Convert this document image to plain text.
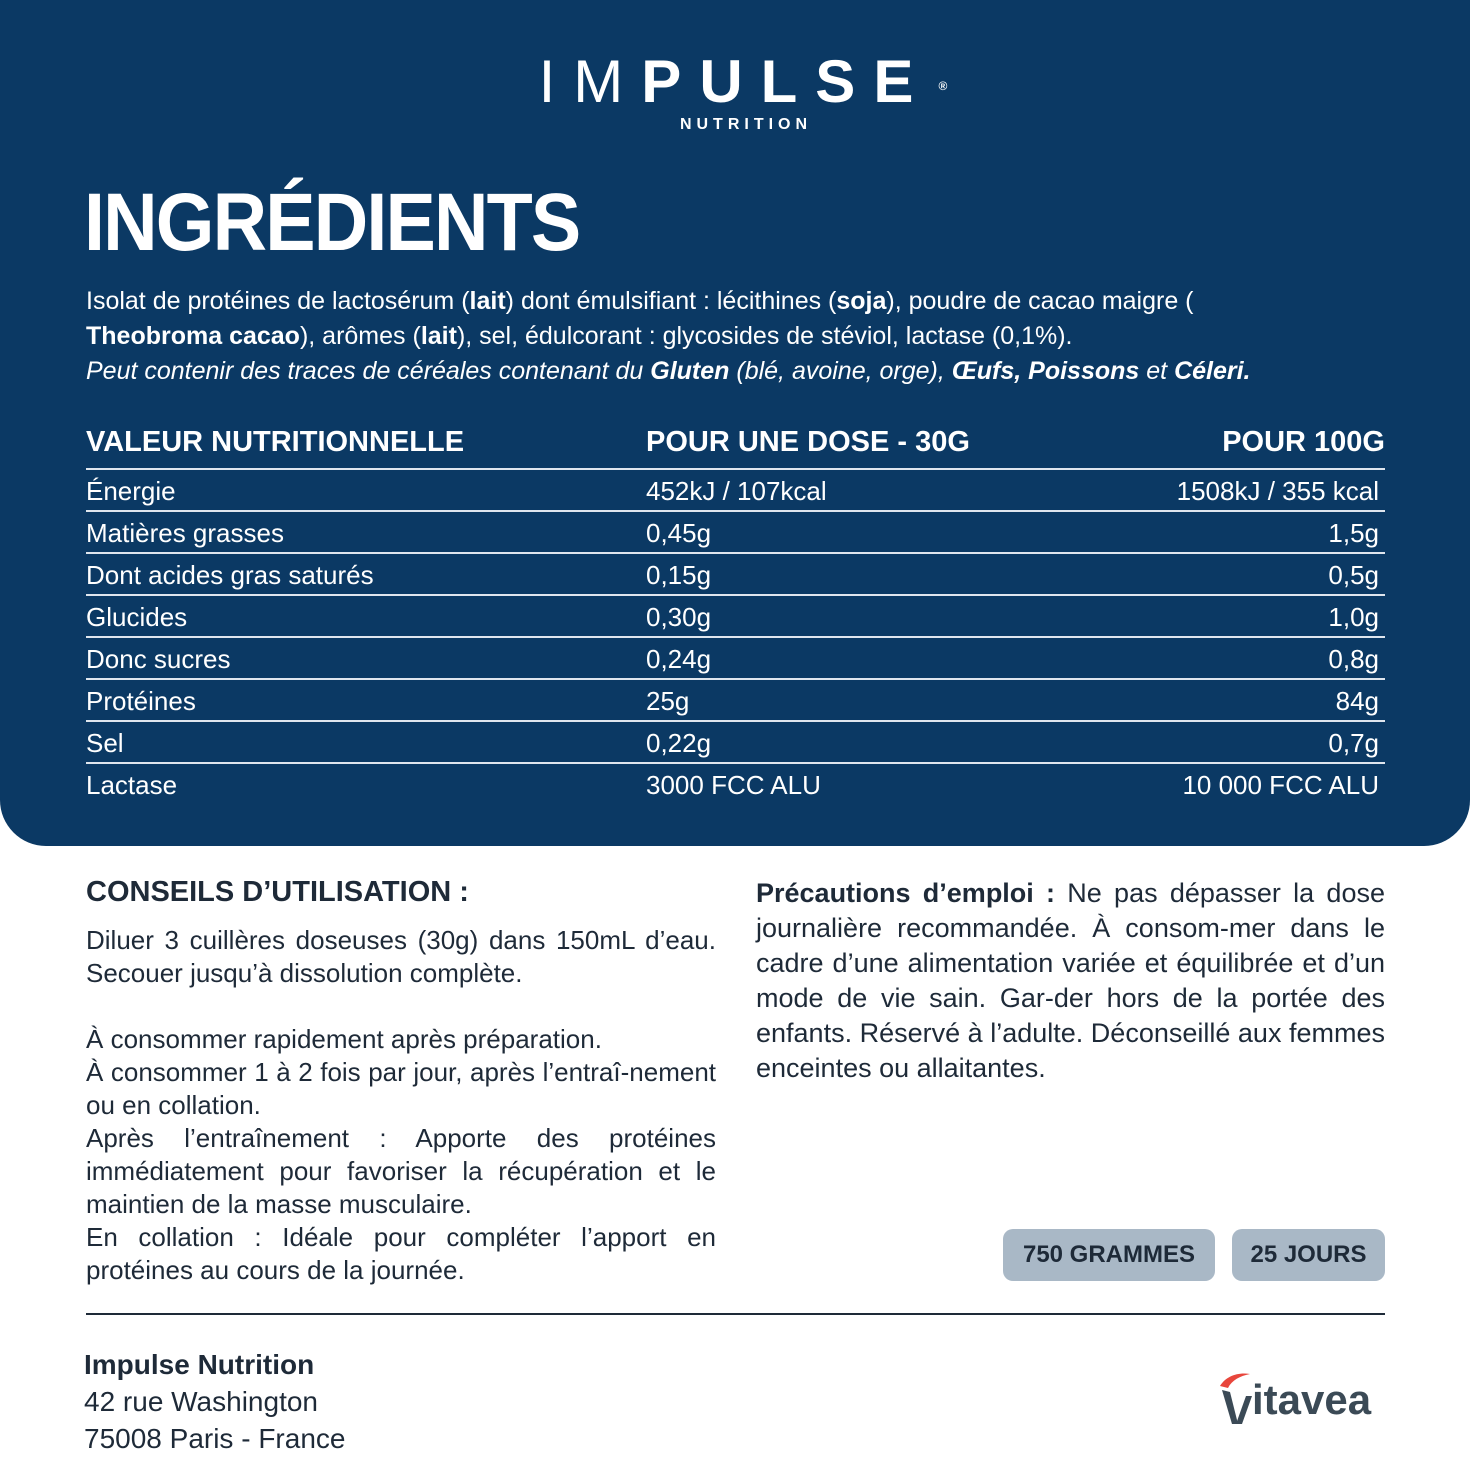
IMPULSE ®
NUTRITION
INGRÉDIENTS
Isolat de protéines de lactosérum (lait) dont émulsifiant : lécithines (soja), poudre de cacao maigre (
Theobroma cacao), arômes (lait), sel, édulcorant : glycosides de stéviol, lactase (0,1%).
Peut contenir des traces de céréales contenant du Gluten (blé, avoine, orge), Œufs, Poissons et Céleri.
VALEUR NUTRITIONNELLE	POUR UNE DOSE - 30G	POUR 100G
Énergie	452kJ / 107kcal	1508kJ / 355 kcal
Matières grasses	0,45g	1,5g
Dont acides gras saturés	0,15g	0,5g
Glucides	0,30g	1,0g
Donc sucres	0,24g	0,8g
Protéines	25g	84g
Sel	0,22g	0,7g
Lactase	3000 FCC ALU	10 000 FCC ALU
CONSEILS D’UTILISATION :

Diluer 3 cuillères doseuses (30g) dans 150mL d’eau. Secouer jusqu’à dissolution complète.

À consommer rapidement après préparation.

À consommer 1 à 2 fois par jour, après l’entraî-nement ou en collation.

Après l’entraînement : Apporte des protéines immédiatement pour favoriser la récupération et le maintien de la masse musculaire.

En collation : Idéale pour compléter l’apport en protéines au cours de la journée.

Précautions d’emploi : Ne pas dépasser la dose journalière recommandée. À consom-mer dans le cadre d’une alimentation variée et équilibrée et d’un mode de vie sain. Gar-der hors de la portée des enfants. Réservé à l’adulte. Déconseillé aux femmes enceintes ou allaitantes.
750 GRAMMES	25 JOURS
Impulse Nutrition
42 rue Washington
75008 Paris - France
itavea
